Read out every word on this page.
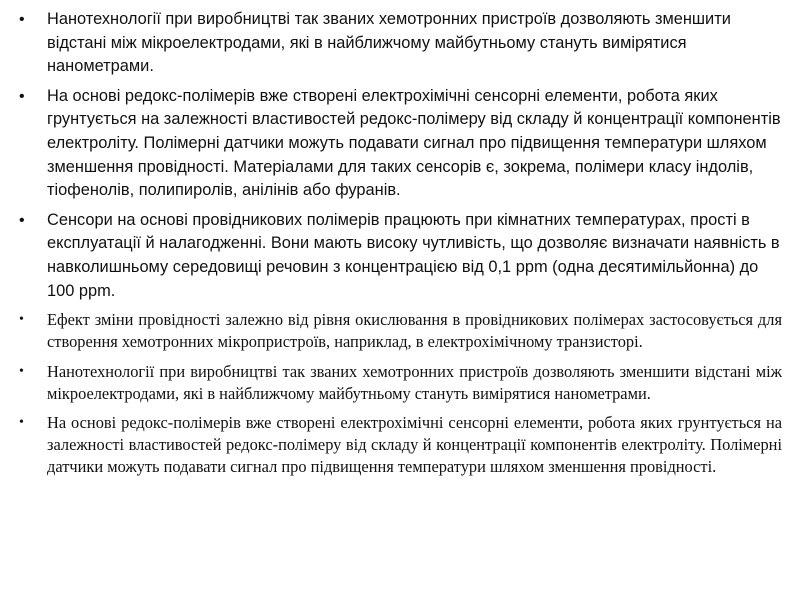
• Нанотехнології при виробництві так званих хемотронних пристроїв дозволяють зменшити відстані між мікроелектродами, які в найближчому майбутньому стануть вимірятися нанометрами.
• На основі редокс-полімерів вже створені електрохімічні сенсорні елементи, робота яких грунтується на залежності властивостей редокс-полімеру від складу й концентрації компонентів електроліту. Полімерні датчики можуть подавати сигнал про підвищення температури шляхом зменшення провідності. Матеріалами для таких сенсорів є, зокрема, полімери класу індолів, тіофенолів, полипиролів, анілінів або фуранів.
• Сенсори на основі провідникових полімерів працюють при кімнатних температурах, прості в експлуатації й налагодженні. Вони мають високу чутливість, що дозволяє визначати наявність в навколишньому середовищі речовин з концентрацією від 0,1 ppm (одна десятимільйонна) до 100 ppm.
• Ефект зміни провідності залежно від рівня окислювання в провідникових полімерах застосовується для створення хемотронних мікропристроїв, наприклад, в електрохімічному транзисторі.
• Нанотехнології при виробництві так званих хемотронних пристроїв дозволяють зменшити відстані між мікроелектродами, які в найближчому майбутньому стануть вимірятися нанометрами.
• На основі редокс-полімерів вже створені електрохімічні сенсорні елементи, робота яких грунтується на залежності властивостей редокс-полімеру від складу й концентрації компонентів електроліту. Полімерні датчики можуть подавати сигнал про підвищення температури шляхом зменшення провідності.
